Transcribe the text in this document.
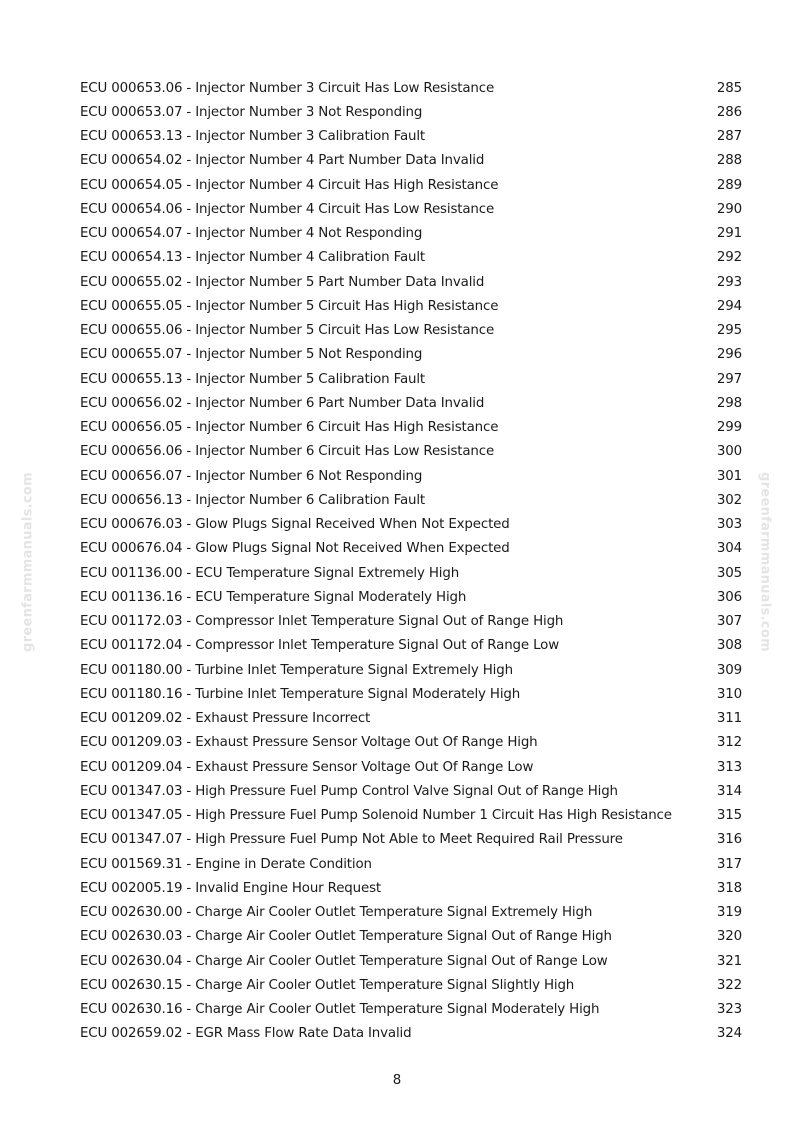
greenfarmmanuals.com	greenfarmmanuals.com
ECU 000653.06 - Injector Number 3 Circuit Has Low Resistance	285
ECU 000653.07 - Injector Number 3 Not Responding	286
ECU 000653.13 - Injector Number 3 Calibration Fault	287
ECU 000654.02 - Injector Number 4 Part Number Data Invalid	288
ECU 000654.05 - Injector Number 4 Circuit Has High Resistance	289
ECU 000654.06 - Injector Number 4 Circuit Has Low Resistance	290
ECU 000654.07 - Injector Number 4 Not Responding	291
ECU 000654.13 - Injector Number 4 Calibration Fault	292
ECU 000655.02 - Injector Number 5 Part Number Data Invalid	293
ECU 000655.05 - Injector Number 5 Circuit Has High Resistance	294
ECU 000655.06 - Injector Number 5 Circuit Has Low Resistance	295
ECU 000655.07 - Injector Number 5 Not Responding	296
ECU 000655.13 - Injector Number 5 Calibration Fault	297
ECU 000656.02 - Injector Number 6 Part Number Data Invalid	298
ECU 000656.05 - Injector Number 6 Circuit Has High Resistance	299
ECU 000656.06 - Injector Number 6 Circuit Has Low Resistance	300
ECU 000656.07 - Injector Number 6 Not Responding	301
ECU 000656.13 - Injector Number 6 Calibration Fault	302
ECU 000676.03 - Glow Plugs Signal Received When Not Expected	303
ECU 000676.04 - Glow Plugs Signal Not Received When Expected	304
ECU 001136.00 - ECU Temperature Signal Extremely High	305
ECU 001136.16 - ECU Temperature Signal Moderately High	306
ECU 001172.03 - Compressor Inlet Temperature Signal Out of Range High	307
ECU 001172.04 - Compressor Inlet Temperature Signal Out of Range Low	308
ECU 001180.00 - Turbine Inlet Temperature Signal Extremely High	309
ECU 001180.16 - Turbine Inlet Temperature Signal Moderately High	310
ECU 001209.02 - Exhaust Pressure Incorrect	311
ECU 001209.03 - Exhaust Pressure Sensor Voltage Out Of Range High	312
ECU 001209.04 - Exhaust Pressure Sensor Voltage Out Of Range Low	313
ECU 001347.03 - High Pressure Fuel Pump Control Valve Signal Out of Range High	314
ECU 001347.05 - High Pressure Fuel Pump Solenoid Number 1 Circuit Has High Resistance	315
ECU 001347.07 - High Pressure Fuel Pump Not Able to Meet Required Rail Pressure	316
ECU 001569.31 - Engine in Derate Condition	317
ECU 002005.19 - Invalid Engine Hour Request	318
ECU 002630.00 - Charge Air Cooler Outlet Temperature Signal Extremely High	319
ECU 002630.03 - Charge Air Cooler Outlet Temperature Signal Out of Range High	320
ECU 002630.04 - Charge Air Cooler Outlet Temperature Signal Out of Range Low	321
ECU 002630.15 - Charge Air Cooler Outlet Temperature Signal Slightly High	322
ECU 002630.16 - Charge Air Cooler Outlet Temperature Signal Moderately High	323
ECU 002659.02 - EGR Mass Flow Rate Data Invalid	324
8
